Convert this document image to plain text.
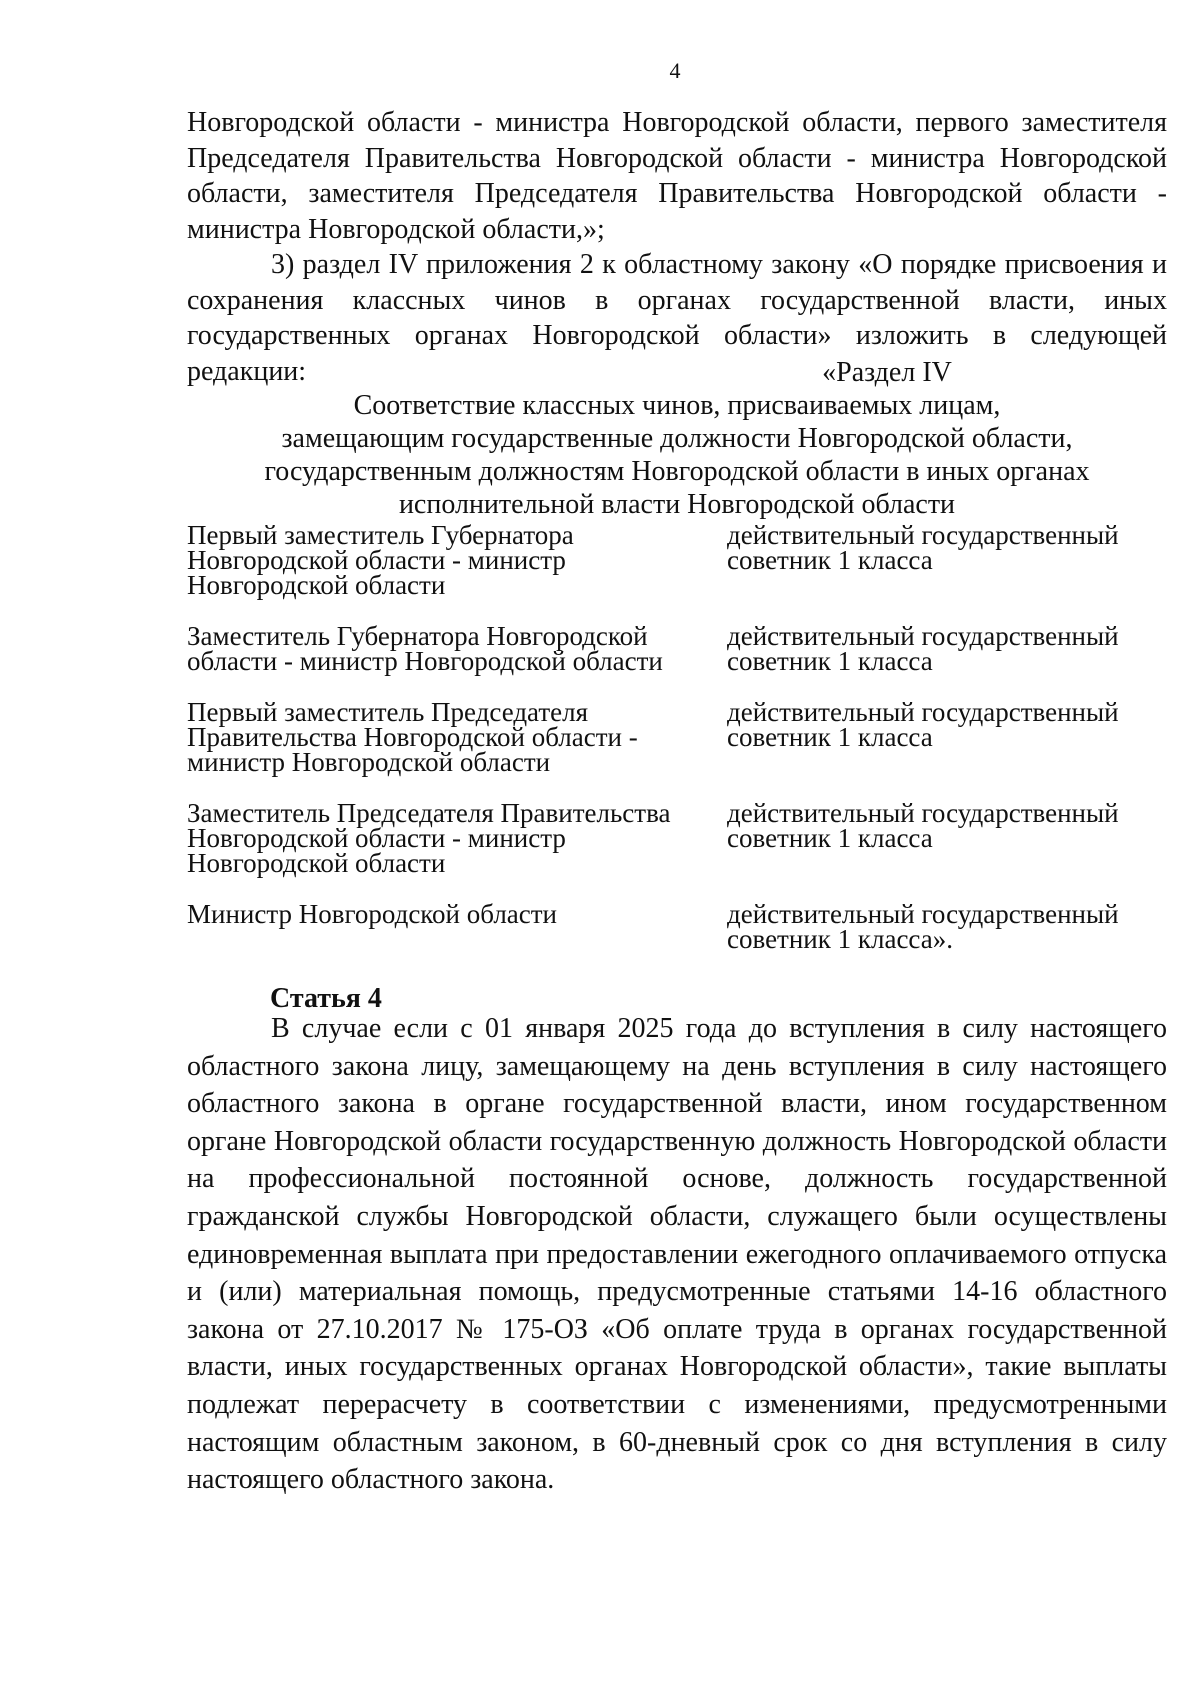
4

Новгородской области - министра Новгородской области, первого заместителя Председателя Правительства Новгородской области - министра Новгородской области, заместителя Председателя Правительства Новгородской области - министра Новгородской области,»;

3) раздел IV приложения 2 к областному закону «О порядке присвоения и сохранения классных чинов в органах государственной власти, иных государственных органах Новгородской области» изложить в следующей редакции:	«Раздел IV
Соответствие классных чинов, присваиваемых лицам,
замещающим государственные должности Новгородской области,
государственным должностям Новгородской области в иных органах
исполнительной власти Новгородской области
Первый заместитель Губернатора Новгородской области - министр Новгородской области
действительный государственный советник 1 класса
Заместитель Губернатора Новгородской области - министр Новгородской области
действительный государственный советник 1 класса
Первый заместитель Председателя Правительства Новгородской области - министр Новгородской области
действительный государственный советник 1 класса
Заместитель Председателя Правительства Новгородской области - министр Новгородской области
действительный государственный советник 1 класса
Министр Новгородской области	действительный государственный советник 1 класса».
Статья 4

В случае если с 01 января 2025 года до вступления в силу настоящего областного закона лицу, замещающему на день вступления в силу настоящего областного закона в органе государственной власти, ином государственном органе Новгородской области государственную должность Новгородской области на профессиональной постоянной основе, должность государственной гражданской службы Новгородской области, служащего были осуществлены единовременная выплата при предоставлении ежегодного оплачиваемого отпуска и (или) материальная помощь, предусмотренные статьями 14-16 областного закона от 27.10.2017 № 175-ОЗ «Об оплате труда в органах государственной власти, иных государственных органах Новгородской области», такие выплаты подлежат перерасчету в соответствии с изменениями, предусмотренными настоящим областным законом, в 60-дневный срок со дня вступления в силу настоящего областного закона.
